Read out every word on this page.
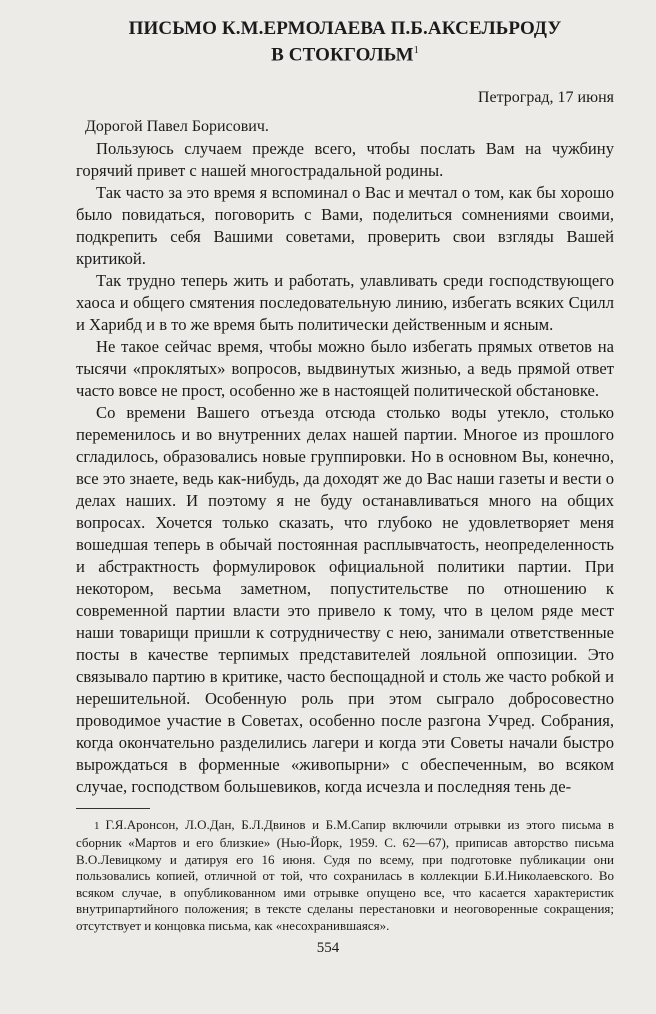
ПИСЬМО К.М.ЕРМОЛАЕВА П.Б.АКСЕЛЬРОДУ
В СТОКГОЛЬМ$^1$
Петроград, 17 июня
Дорогой Павел Борисович.

Пользуюсь случаем прежде всего, чтобы послать Вам на чужбину горячий привет с нашей многострадальной родины.

Так часто за это время я вспоминал о Вас и мечтал о том, как бы хорошо было повидаться, поговорить с Вами, поделиться сомнениями своими, подкрепить себя Вашими советами, проверить свои взгляды Вашей критикой.

Так трудно теперь жить и работать, улавливать среди господствующего хаоса и общего смятения последовательную линию, избегать всяких Сцилл и Харибд и в то же время быть политически действенным и ясным.

Не такое сейчас время, чтобы можно было избегать прямых ответов на тысячи «проклятых» вопросов, выдвинутых жизнью, а ведь прямой ответ часто вовсе не прост, особенно же в настоящей политической обстановке.

Со времени Вашего отъезда отсюда столько воды утекло, столько переменилось и во внутренних делах нашей партии. Многое из прошлого сгладилось, образовались новые группировки. Но в основном Вы, конечно, все это знаете, ведь как-нибудь, да доходят же до Вас наши газеты и вести о делах наших. И поэтому я не буду останавливаться много на общих вопросах. Хочется только сказать, что глубоко не удовлетворяет меня вошедшая теперь в обычай постоянная расплывчатость, неопределенность и абстрактность формулировок официальной политики партии. При некотором, весьма заметном, попустительстве по отношению к современной партии власти это привело к тому, что в целом ряде мест наши товарищи пришли к сотрудничеству с нею, занимали ответственные посты в качестве терпимых представителей лояльной оппозиции. Это связывало партию в критике, часто беспощадной и столь же часто робкой и нерешительной. Особенную роль при этом сыграло добросовестно проводимое участие в Советах, особенно после разгона Учред. Собрания, когда окончательно разделились лагери и когда эти Советы начали быстро вырождаться в форменные «живопырни» с обеспеченным, во всяком случае, господством большевиков, когда исчезла и последняя тень де-

1 Г.Я.Аронсон, Л.О.Дан, Б.Л.Двинов и Б.М.Сапир включили отрывки из этого письма в сборник «Мартов и его близкие» (Нью-Йорк, 1959. С. 62—67), приписав авторство письма В.О.Левицкому и датируя его 16 июня. Судя по всему, при подготовке публикации они пользовались копией, отличной от той, что сохранилась в коллекции Б.И.Николаевского. Во всяком случае, в опубликованном ими отрывке опущено все, что касается характеристик внутрипартийного положения; в тексте сделаны перестановки и неоговоренные сокращения; отсутствует и концовка письма, как «несохранившаяся».
554
